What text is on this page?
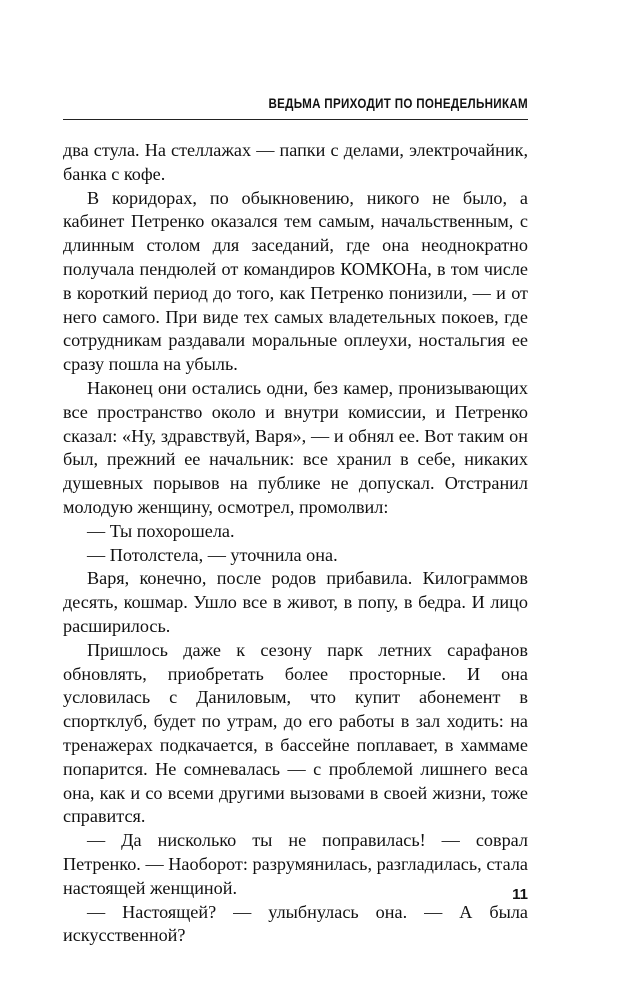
ВЕДЬМА ПРИХОДИТ ПО ПОНЕДЕЛЬНИКАМ

два стула. На стеллажах — папки с делами, электрочайник, банка с кофе.

В коридорах, по обыкновению, никого не было, а кабинет Петренко оказался тем самым, начальственным, с длинным столом для заседаний, где она неоднократно получала пендюлей от командиров КОМКОНа, в том числе в короткий период до того, как Петренко понизили, — и от него самого. При виде тех самых владетельных покоев, где сотрудникам раздавали моральные оплеухи, ностальгия ее сразу пошла на убыль.

Наконец они остались одни, без камер, пронизывающих все пространство около и внутри комиссии, и Петренко сказал: «Ну, здравствуй, Варя», — и обнял ее. Вот таким он был, прежний ее начальник: все хранил в себе, никаких душевных порывов на публике не допускал. Отстранил молодую женщину, осмотрел, промолвил:

— Ты похорошела.

— Потолстела, — уточнила она.

Варя, конечно, после родов прибавила. Килограммов десять, кошмар. Ушло все в живот, в попу, в бедра. И лицо расширилось.

Пришлось даже к сезону парк летних сарафанов обновлять, приобретать более просторные. И она условилась с Даниловым, что купит абонемент в спортклуб, будет по утрам, до его работы в зал ходить: на тренажерах подкачается, в бассейне поплавает, в хаммаме попарится. Не сомневалась — с проблемой лишнего веса она, как и со всеми другими вызовами в своей жизни, тоже справится.

— Да нисколько ты не поправилась! — соврал Петренко. — Наоборот: разрумянилась, разгладилась, стала настоящей женщиной.

— Настоящей? — улыбнулась она. — А была искусственной?

11
